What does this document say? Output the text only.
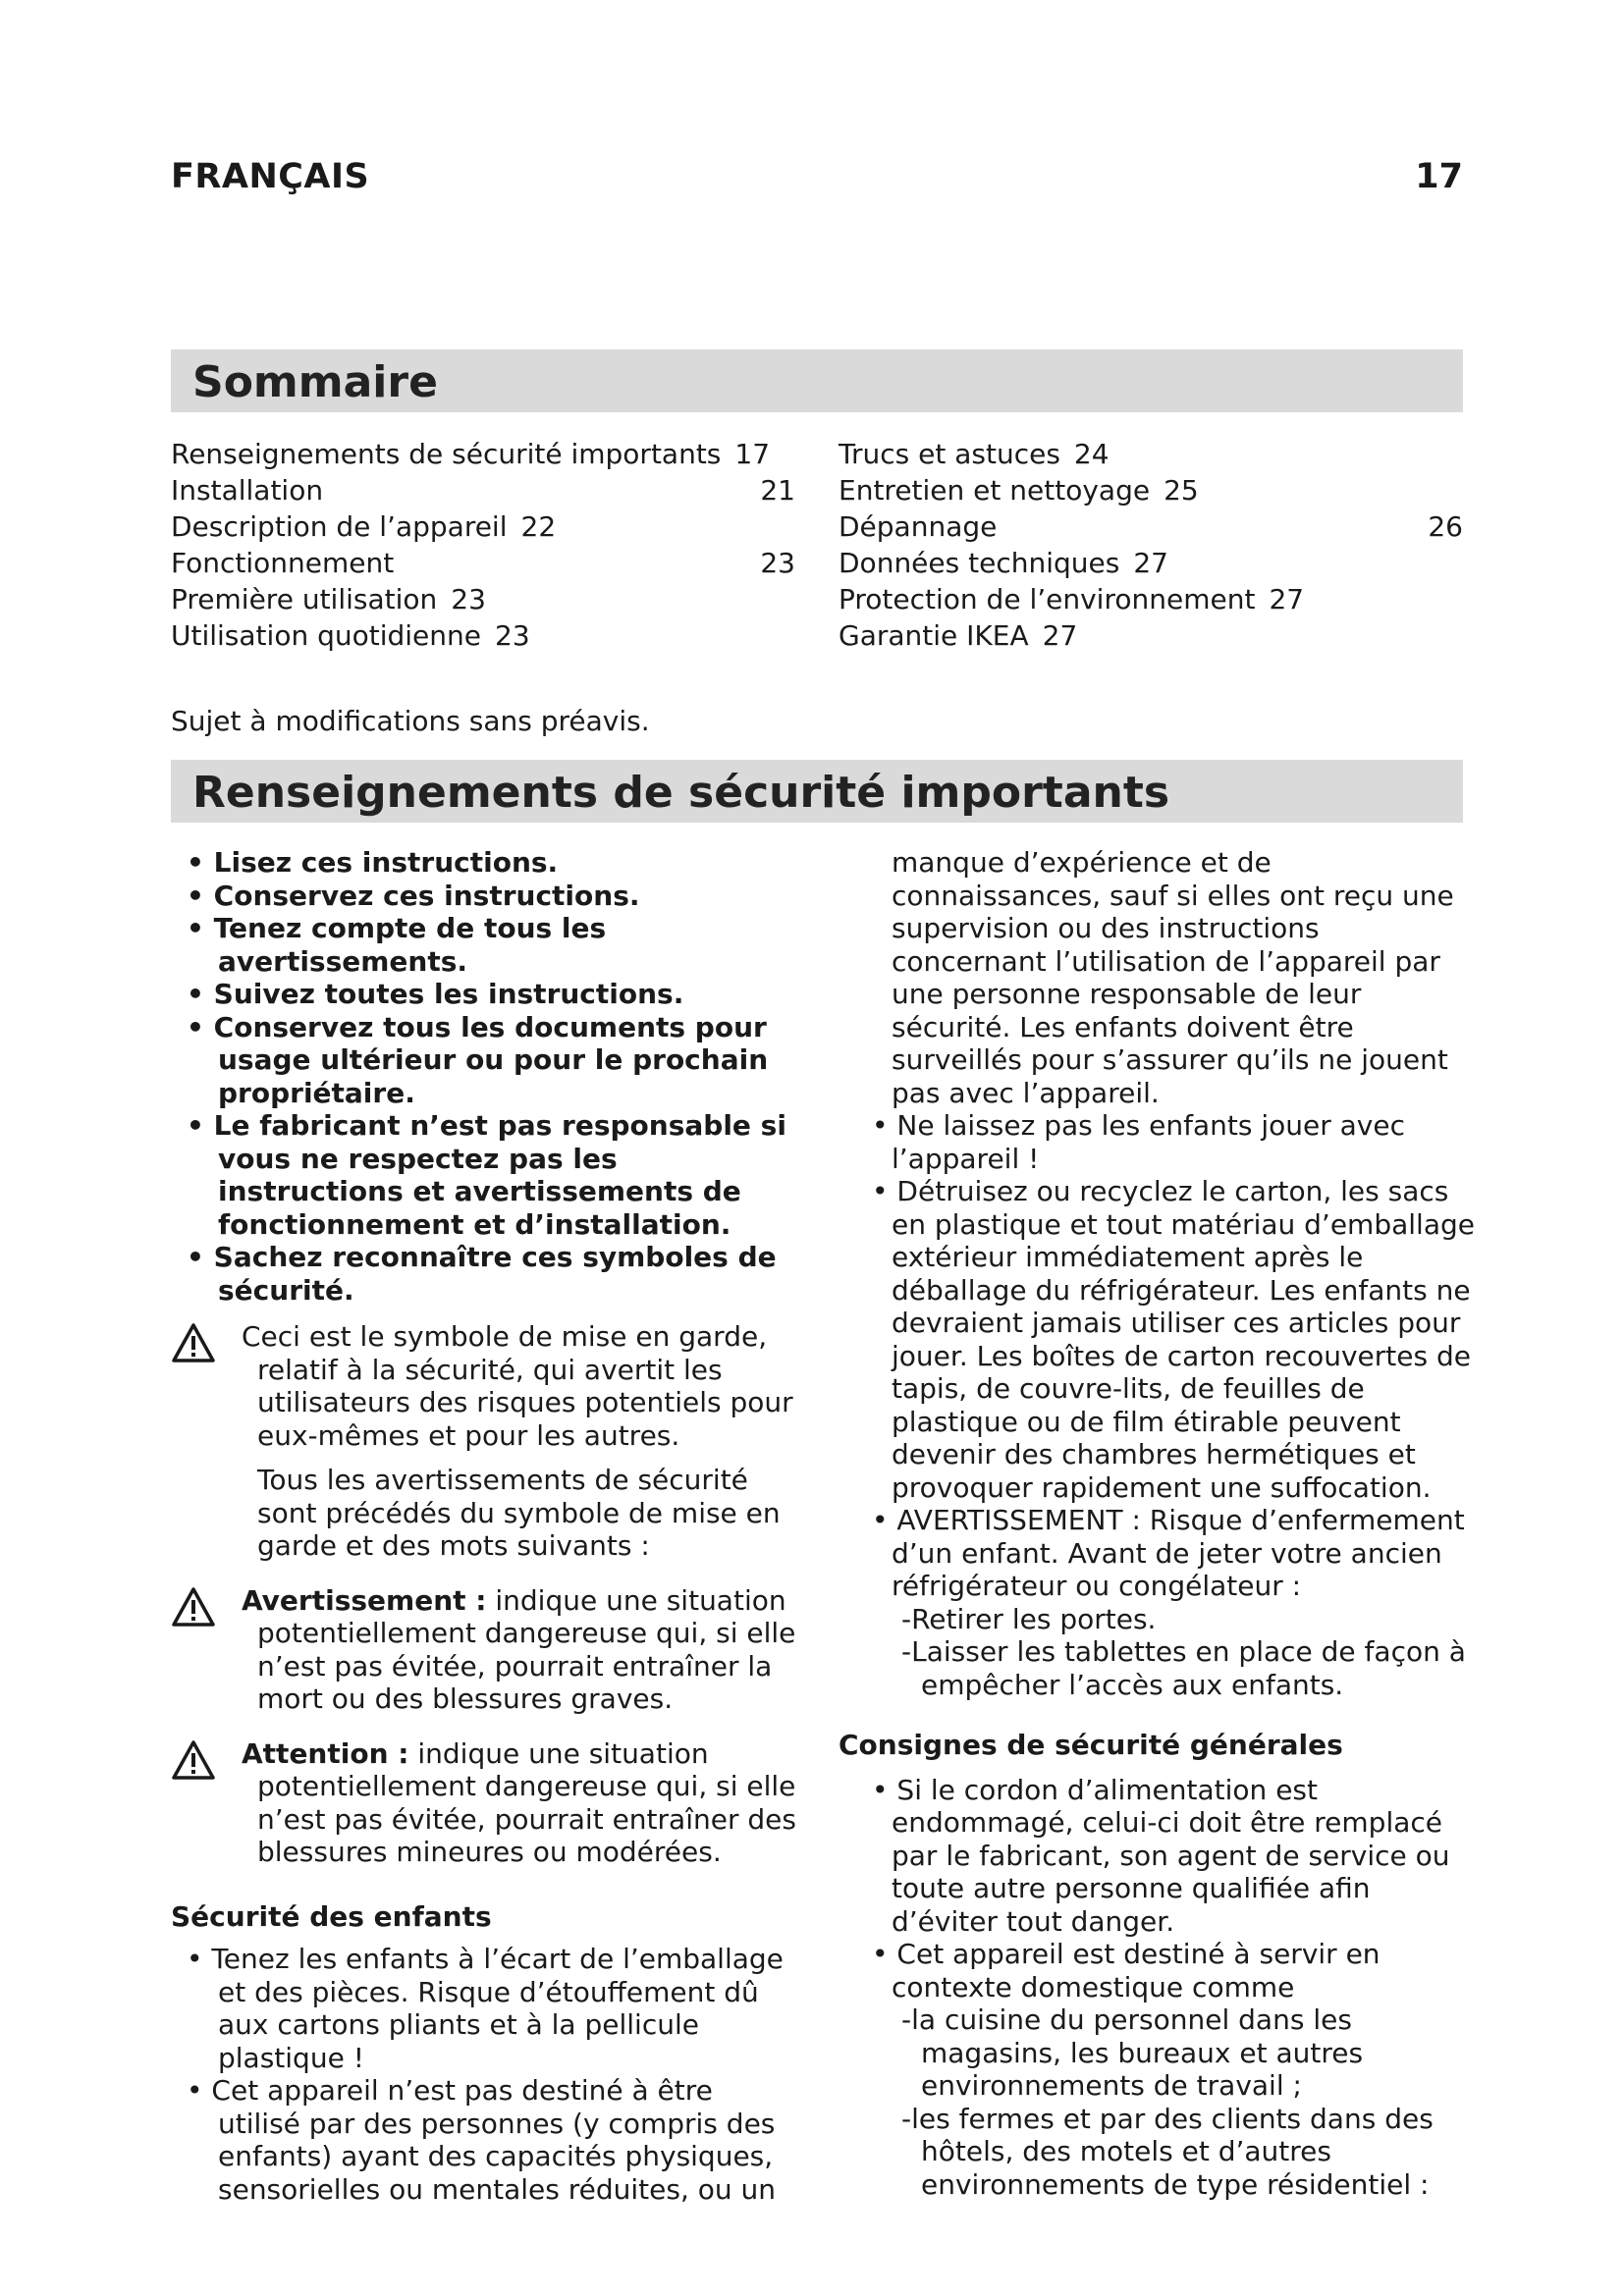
FRANÇAIS	17
Sommaire
Renseignements de sécurité importants 17
Installation	21
Description de l’appareil 22
Fonctionnement	23
Première utilisation 23
Utilisation quotidienne 23
Trucs et astuces 24
Entretien et nettoyage 25
Dépannage	26
Données techniques 27
Protection de l’environnement 27
Garantie IKEA 27
Sujet à modifications sans préavis.
Renseignements de sécurité importants
• Lisez ces instructions.
• Conservez ces instructions.
• Tenez compte de tous les avertissements.
• Suivez toutes les instructions.
• Conservez tous les documents pour usage ultérieur ou pour le prochain propriétaire.
• Le fabricant n’est pas responsable si vous ne respectez pas les instructions et avertissements de fonctionnement et d’installation.
• Sachez reconnaître ces symboles de sécurité.
Ceci est le symbole de mise en garde, relatif à la sécurité, qui avertit les utilisateurs des risques potentiels pour eux-mêmes et pour les autres.
Tous les avertissements de sécurité sont précédés du symbole de mise en garde et des mots suivants :
Avertissement : indique une situation potentiellement dangereuse qui, si elle n’est pas évitée, pourrait entraîner la mort ou des blessures graves.
Attention : indique une situation potentiellement dangereuse qui, si elle n’est pas évitée, pourrait entraîner des blessures mineures ou modérées.
Sécurité des enfants
• Tenez les enfants à l’écart de l’emballage et des pièces. Risque d’étouffement dû aux cartons pliants et à la pellicule plastique !
• Cet appareil n’est pas destiné à être utilisé par des personnes (y compris des enfants) ayant des capacités physiques, sensorielles ou mentales réduites, ou un
manque d’expérience et de connaissances, sauf si elles ont reçu une supervision ou des instructions concernant l’utilisation de l’appareil par une personne responsable de leur sécurité. Les enfants doivent être surveillés pour s’assurer qu’ils ne jouent pas avec l’appareil.
• Ne laissez pas les enfants jouer avec l’appareil !
• Détruisez ou recyclez le carton, les sacs en plastique et tout matériau d’emballage extérieur immédiatement après le déballage du réfrigérateur. Les enfants ne devraient jamais utiliser ces articles pour jouer. Les boîtes de carton recouvertes de tapis, de couvre-lits, de feuilles de plastique ou de film étirable peuvent devenir des chambres hermétiques et provoquer rapidement une suffocation.
• AVERTISSEMENT : Risque d’enfermement d’un enfant. Avant de jeter votre ancien réfrigérateur ou congélateur :
- Retirer les portes.
- Laisser les tablettes en place de façon à empêcher l’accès aux enfants.
Consignes de sécurité générales
• Si le cordon d’alimentation est endommagé, celui-ci doit être remplacé par le fabricant, son agent de service ou toute autre personne qualifiée afin d’éviter tout danger.
• Cet appareil est destiné à servir en contexte domestique comme
- la cuisine du personnel dans les magasins, les bureaux et autres environnements de travail ;
- les fermes et par des clients dans des hôtels, des motels et d’autres environnements de type résidentiel :
